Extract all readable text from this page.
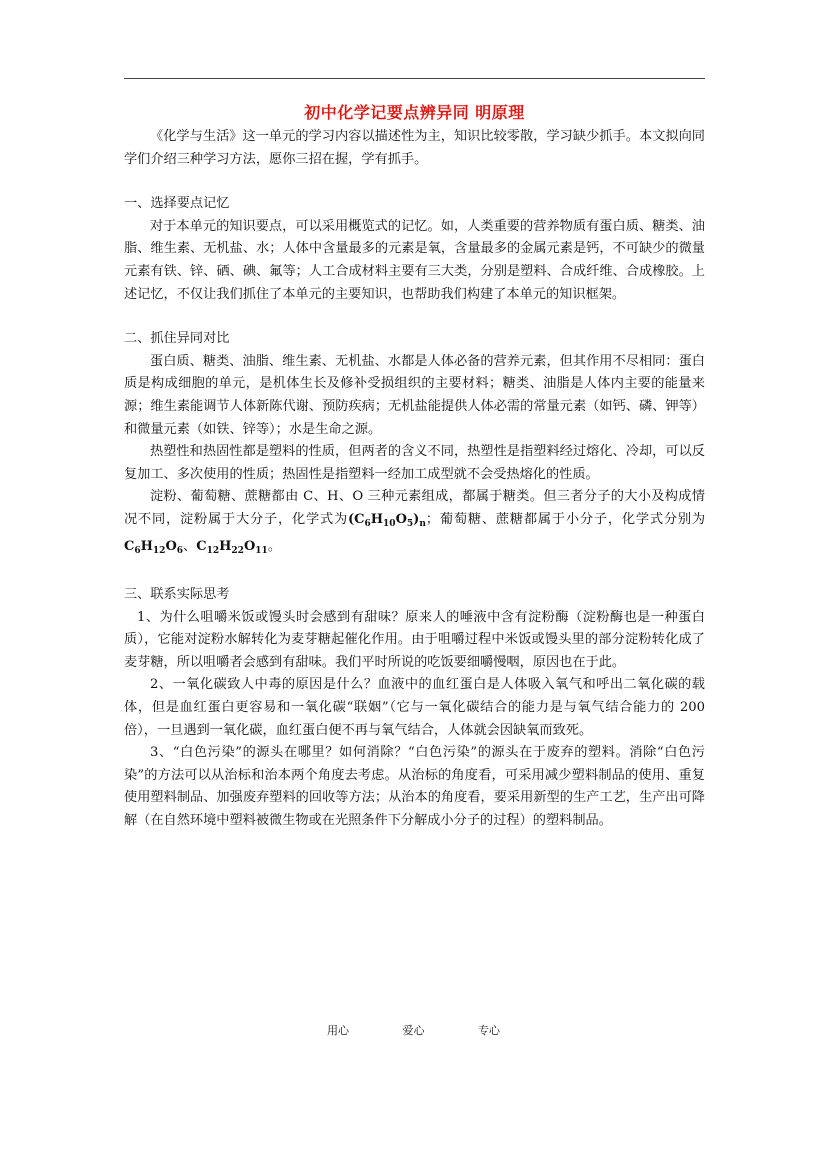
初中化学记要点辨异同 明原理

《化学与生活》这一单元的学习内容以描述性为主，知识比较零散，学习缺少抓手。本文拟向同学们介绍三种学习方法，愿你三招在握，学有抓手。

一、选择要点记忆

对于本单元的知识要点，可以采用概览式的记忆。如，人类重要的营养物质有蛋白质、糖类、油脂、维生素、无机盐、水；人体中含量最多的元素是氧，含量最多的金属元素是钙，不可缺少的微量元素有铁、锌、硒、碘、氟等；人工合成材料主要有三大类，分别是塑料、合成纤维、合成橡胶。上述记忆，不仅让我们抓住了本单元的主要知识，也帮助我们构建了本单元的知识框架。

二、抓住异同对比

蛋白质、糖类、油脂、维生素、无机盐、水都是人体必备的营养元素，但其作用不尽相同：蛋白质是构成细胞的单元，是机体生长及修补受损组织的主要材料；糖类、油脂是人体内主要的能量来源；维生素能调节人体新陈代谢、预防疾病；无机盐能提供人体必需的常量元素（如钙、磷、钾等）和微量元素（如铁、锌等）；水是生命之源。

热塑性和热固性都是塑料的性质，但两者的含义不同，热塑性是指塑料经过熔化、冷却，可以反复加工、多次使用的性质；热固性是指塑料一经加工成型就不会受热熔化的性质。

淀粉、葡萄糖、蔗糖都由 C、H、O 三种元素组成，都属于糖类。但三者分子的大小及构成情况不同，淀粉属于大分子，化学式为$(C_6H_{10}O_5)_n$；葡萄糖、蔗糖都属于小分子，化学式分别为$C_6H_{12}O_6$、$C_{12}H_{22}O_{11}$。

三、联系实际思考

1、为什么咀嚼米饭或馒头时会感到有甜味？原来人的唾液中含有淀粉酶（淀粉酶也是一种蛋白质），它能对淀粉水解转化为麦芽糖起催化作用。由于咀嚼过程中米饭或馒头里的部分淀粉转化成了麦芽糖，所以咀嚼者会感到有甜味。我们平时所说的吃饭要细嚼慢咽，原因也在于此。

2、一氧化碳致人中毒的原因是什么？血液中的血红蛋白是人体吸入氧气和呼出二氧化碳的载体，但是血红蛋白更容易和一氧化碳“联姻”（它与一氧化碳结合的能力是与氧气结合能力的 200 倍），一旦遇到一氧化碳，血红蛋白便不再与氧气结合，人体就会因缺氧而致死。

3、“白色污染”的源头在哪里？如何消除？“白色污染”的源头在于废弃的塑料。消除“白色污染”的方法可以从治标和治本两个角度去考虑。从治标的角度看，可采用减少塑料制品的使用、重复使用塑料制品、加强废弃塑料的回收等方法；从治本的角度看，要采用新型的生产工艺，生产出可降解（在自然环境中塑料被微生物或在光照条件下分解成小分子的过程）的塑料制品。

用心	爱心	专心
